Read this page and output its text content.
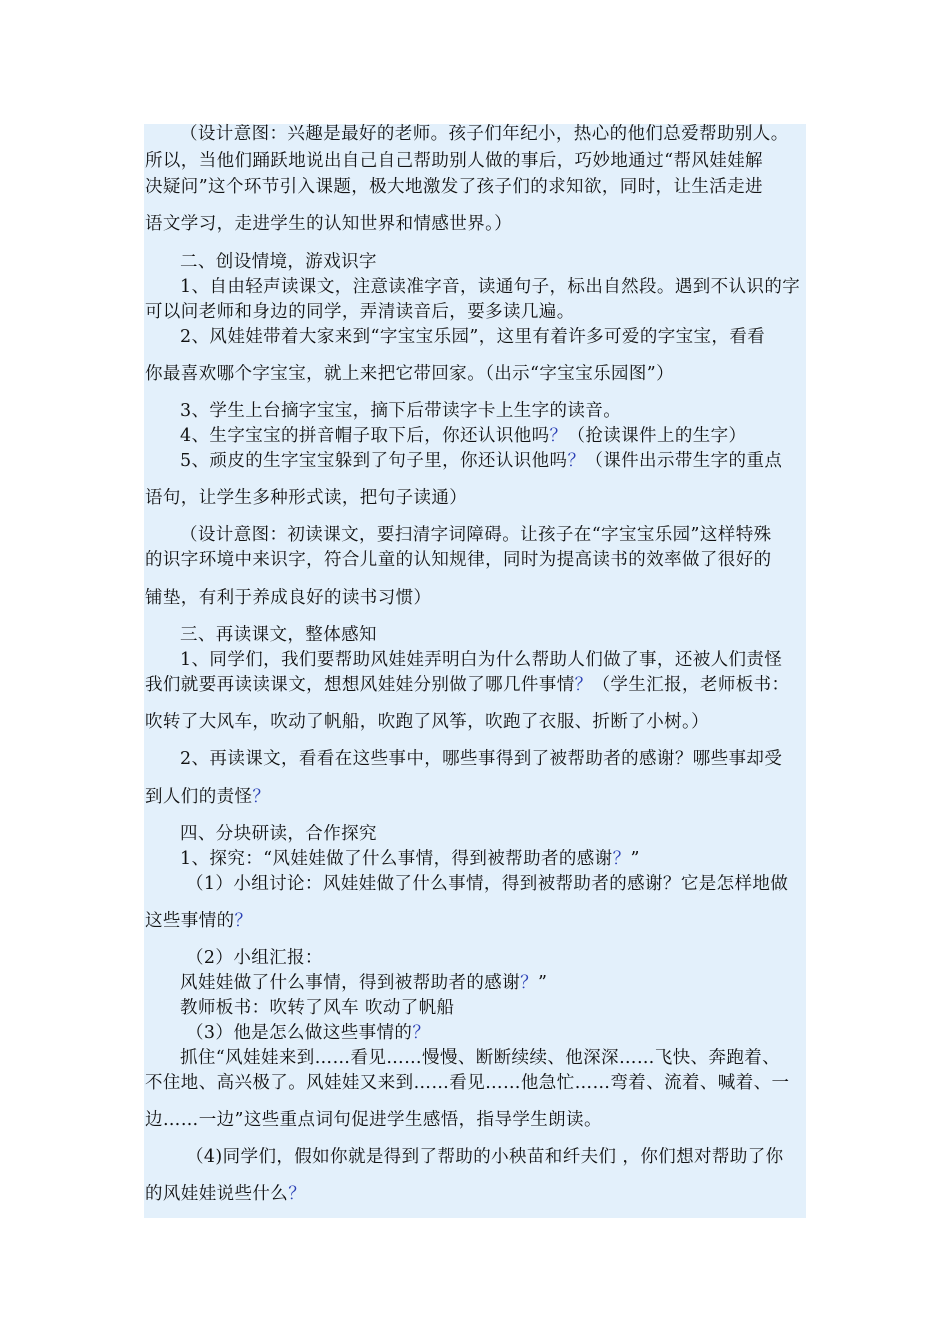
（设计意图：兴趣是最好的老师。孩子们年纪小，热心的他们总爱帮助别人。
所以，当他们踊跃地说出自己自己帮助别人做的事后，巧妙地通过“帮风娃娃解
决疑问”这个环节引入课题，极大地激发了孩子们的求知欲，同时，让生活走进
语文学习，走进学生的认知世界和情感世界。）
二、创设情境，游戏识字
1、自由轻声读课文，注意读准字音，读通句子，标出自然段。遇到不认识的字
可以问老师和身边的同学，弄清读音后，要多读几遍。
2、风娃娃带着大家来到“字宝宝乐园”，这里有着许多可爱的字宝宝，看看
你最喜欢哪个字宝宝，就上来把它带回家。（出示“字宝宝乐园图”）
3、学生上台摘字宝宝，摘下后带读字卡上生字的读音。
4、生字宝宝的拼音帽子取下后，你还认识他吗？（抢读课件上的生字）
5、顽皮的生字宝宝躲到了句子里，你还认识他吗？（课件出示带生字的重点
语句，让学生多种形式读，把句子读通）
（设计意图：初读课文，要扫清字词障碍。让孩子在“字宝宝乐园”这样特殊
的识字环境中来识字，符合儿童的认知规律，同时为提高读书的效率做了很好的
铺垫，有利于养成良好的读书习惯）
三、再读课文，整体感知
1、同学们，我们要帮助风娃娃弄明白为什么帮助人们做了事，还被人们责怪
我们就要再读读课文，想想风娃娃分别做了哪几件事情？（学生汇报，老师板书：
吹转了大风车，吹动了帆船，吹跑了风筝，吹跑了衣服、折断了小树。）
2、再读课文，看看在这些事中，哪些事得到了被帮助者的感谢？哪些事却受
到人们的责怪？
四、分块研读，合作探究
1、探究：“风娃娃做了什么事情，得到被帮助者的感谢？”
（1）小组讨论：风娃娃做了什么事情，得到被帮助者的感谢？它是怎样地做
这些事情的？
（2）小组汇报：
风娃娃做了什么事情，得到被帮助者的感谢？”
教师板书：吹转了风车 吹动了帆船
（3）他是怎么做这些事情的？
抓住“风娃娃来到……看见……慢慢、断断续续、他深深……飞快、奔跑着、
不住地、高兴极了。风娃娃又来到……看见……他急忙……弯着、流着、喊着、一
边……一边”这些重点词句促进学生感悟，指导学生朗读。
（4)同学们，假如你就是得到了帮助的小秧苗和纤夫们 ，你们想对帮助了你
的风娃娃说些什么？
